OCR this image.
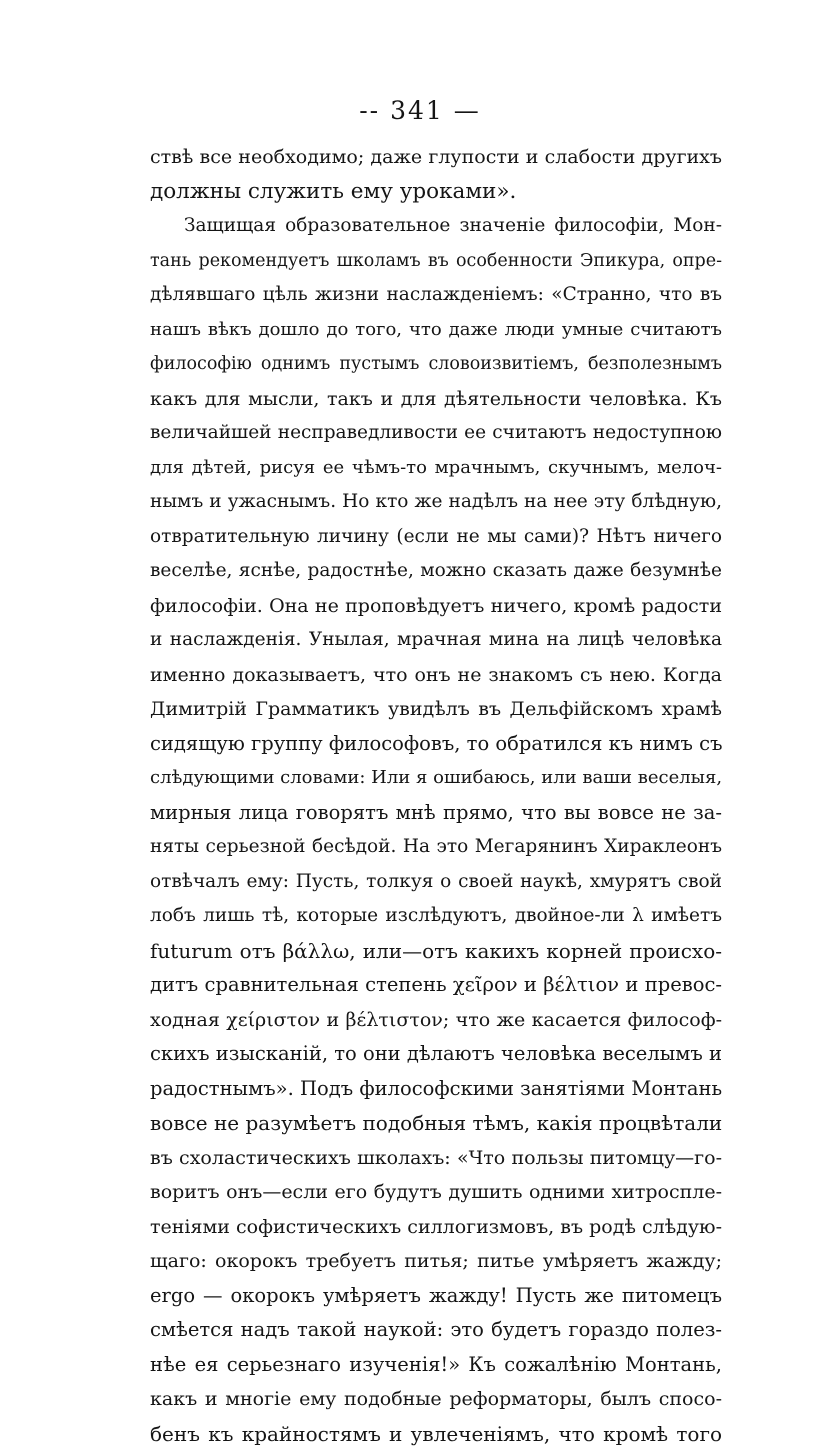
-- 341 —
ствѣ все необходимо; даже глупости и слабости другихъ
должны служить ему уроками».
Защищая образовательное значеніе философіи, Мон-
тань рекомендуетъ школамъ въ особенности Эпикура, опре-
дѣлявшаго цѣль жизни наслажденіемъ: «Странно, что въ
нашъ вѣкъ дошло до того, что даже люди умные считаютъ
философію однимъ пустымъ словоизвитіемъ, безполезнымъ
какъ для мысли, такъ и для дѣятельности человѣка. Къ
величайшей несправедливости ее считаютъ недоступною
для дѣтей, рисуя ее чѣмъ-то мрачнымъ, скучнымъ, мелоч-
нымъ и ужаснымъ. Но кто же надѣлъ на нее эту блѣдную,
отвратительную личину (если не мы сами)? Нѣтъ ничего
веселѣе, яснѣе, радостнѣе, можно сказать даже безумнѣе
философіи. Она не проповѣдуетъ ничего, кромѣ радости
и наслажденія. Унылая, мрачная мина на лицѣ человѣка
именно доказываетъ, что онъ не знакомъ съ нею. Когда
Димитрій Грамматикъ увидѣлъ въ Дельфійскомъ храмѣ
сидящую группу философовъ, то обратился къ нимъ съ
слѣдующими словами: Или я ошибаюсь, или ваши веселыя,
мирныя лица говорятъ мнѣ прямо, что вы вовсе не за-
няты серьезной бесѣдой. На это Мегарянинъ Хираклеонъ
отвѣчалъ ему: Пусть, толкуя о своей наукѣ, хмурятъ свой
лобъ лишь тѣ, которые изслѣдуютъ, двойное-ли λ имѣетъ
futurum отъ βάλλω, или—отъ какихъ корней происхо-
дитъ сравнительная степень χεῖρον и βέλτιον и превос-
ходная χείριστον и βέλτιστον; что же касается философ-
скихъ изысканій, то они дѣлаютъ человѣка веселымъ и
радостнымъ». Подъ философскими занятіями Монтань
вовсе не разумѣетъ подобныя тѣмъ, какія процвѣтали
въ схоластическихъ школахъ: «Что пользы питомцу—го-
воритъ онъ—если его будутъ душить одними хитросплe-
теніями софистическихъ силлогизмовъ, въ родѣ слѣдую-
щаго: окорокъ требуетъ питья; питье умѣряетъ жажду;
ergo — окорокъ умѣряетъ жажду! Пусть же питомецъ
смѣется надъ такой наукой: это будетъ гораздо полез-
нѣе ея серьезнаго изученія!» Къ сожалѣнію Монтань,
какъ и многіе ему подобные реформаторы, былъ спосо-
бенъ къ крайностямъ и увлеченіямъ, что кромѣ того
